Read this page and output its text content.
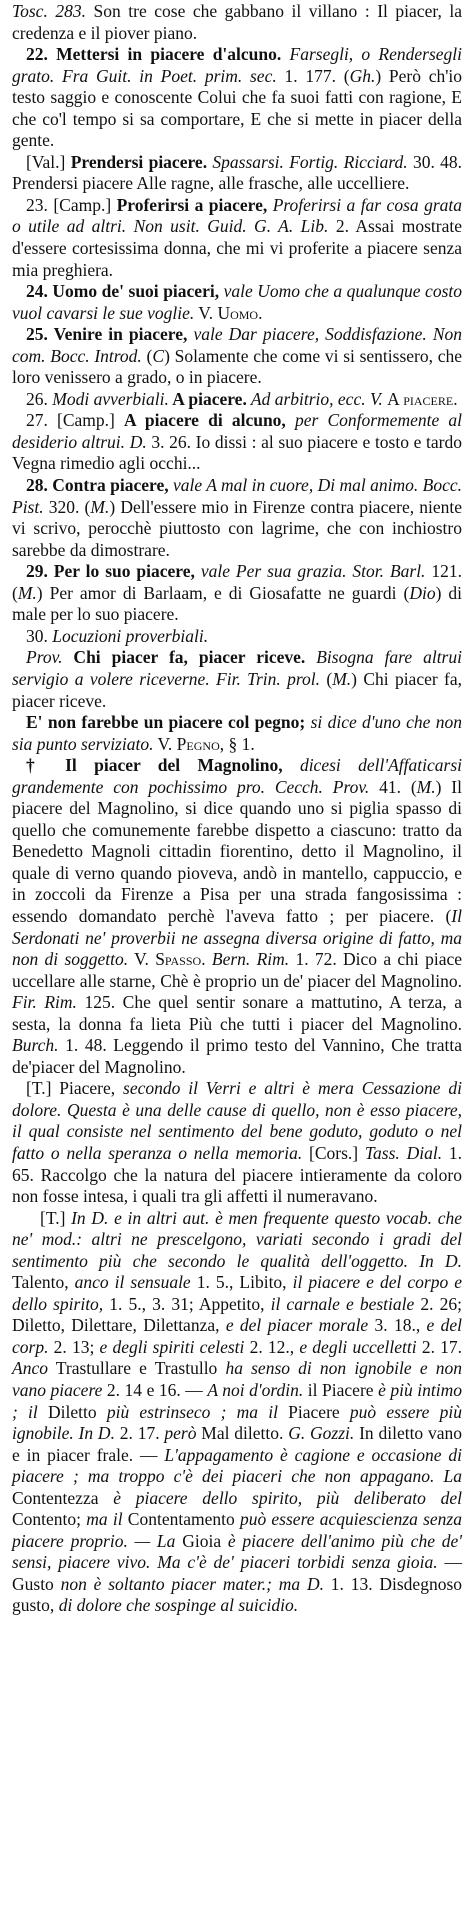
Tosc. 283. Son tre cose che gabbano il villano : Il piacer, la credenza e il piover piano.

22. Mettersi in piacere d'alcuno. Farsegli, o Rendersegli grato. Fra Guit. in Poet. prim. sec. 1. 177. (Gh.) Però ch'io testo saggio e conoscente Colui che fa suoi fatti con ragione, E che co'l tempo si sa comportare, E che si mette in piacer della gente.

[Val.] Prendersi piacere. Spassarsi. Fortig. Ricciard. 30. 48. Prendersi piacere Alle ragne, alle frasche, alle uccelliere.

23. [Camp.] Proferirsi a piacere, Proferirsi a far cosa grata o utile ad altri. Non usit. Guid. G. A. Lib. 2. Assai mostrate d'essere cortesissima donna, che mi vi proferite a piacere senza mia preghiera.

24. Uomo de' suoi piaceri, vale Uomo che a qualunque costo vuol cavarsi le sue voglie. V. Uomo.

25. Venire in piacere, vale Dar piacere, Soddisfazione. Non com. Bocc. Introd. (C) Solamente che come vi si sentissero, che loro venissero a grado, o in piacere.

26. Modi avverbiali. A piacere. Ad arbitrio, ecc. V. A piacere.

27. [Camp.] A piacere di alcuno, per Conformemente al desiderio altrui. D. 3. 26. Io dissi : al suo piacere e tosto e tardo Vegna rimedio agli occhi...

28. Contra piacere, vale A mal in cuore, Di mal animo. Bocc. Pist. 320. (M.) Dell'essere mio in Firenze contra piacere, niente vi scrivo, perocchè piuttosto con lagrime, che con inchiostro sarebbe da dimostrare.

29. Per lo suo piacere, vale Per sua grazia. Stor. Barl. 121. (M.) Per amor di Barlaam, e di Giosafatte ne guardi (Dio) di male per lo suo piacere.

30. Locuzioni proverbiali.

Prov. Chi piacer fa, piacer riceve. Bisogna fare altrui servigio a volere riceverne. Fir. Trin. prol. (M.) Chi piacer fa, piacer riceve.

E' non farebbe un piacere col pegno; si dice d'uno che non sia punto serviziato. V. Pegno, § 1.

† Il piacer del Magnolino, dicesi dell'Affaticarsi grandemente con pochissimo pro. Cecch. Prov. 41. (M.) Il piacere del Magnolino, si dice quando uno si piglia spasso di quello che comunemente farebbe dispetto a ciascuno: tratto da Benedetto Magnoli cittadin fiorentino, detto il Magnolino, il quale di verno quando pioveva, andò in mantello, cappuccio, e in zoccoli da Firenze a Pisa per una strada fangosissima : essendo domandato perchè l'aveva fatto ; per piacere. (Il Serdonati ne' proverbii ne assegna diversa origine di fatto, ma non di soggetto. V. Spasso. Bern. Rim. 1. 72. Dico a chi piace uccellare alle starne, Chè è proprio un de' piacer del Magnolino. Fir. Rim. 125. Che quel sentir sonare a mattutino, A terza, a sesta, la donna fa lieta Più che tutti i piacer del Magnolino. Burch. 1. 48. Leggendo il primo testo del Vannino, Che tratta de'piacer del Magnolino.

[T.] Piacere, secondo il Verri e altri è mera Cessazione di dolore. Questa è una delle cause di quello, non è esso piacere, il qual consiste nel sentimento del bene goduto, goduto o nel fatto o nella speranza o nella memoria. [Cors.] Tass. Dial. 1. 65. Raccolgo che la natura del piacere intieramente da coloro non fosse intesa, i quali tra gli affetti il numeravano.

[T.] In D. e in altri aut. è men frequente questo vocab. che ne' mod.: altri ne prescelgono, variati secondo i gradi del sentimento più che secondo le qualità dell'oggetto. In D. Talento, anco il sensuale 1. 5., Libito, il piacere e del corpo e dello spirito, 1. 5., 3. 31; Appetito, il carnale e bestiale 2. 26; Diletto, Dilettare, Dilettanza, e del piacer morale 3. 18., e del corp. 2. 13; e degli spiriti celesti 2. 12., e degli uccelletti 2. 17. Anco Trastullare e Trastullo ha senso di non ignobile e non vano piacere 2. 14 e 16. — A noi d'ordin. il Piacere è più intimo ; il Diletto più estrinseco ; ma il Piacere può essere più ignobile. In D. 2. 17. però Mal diletto. G. Gozzi. In diletto vano e in piacer frale. — L'appagamento è cagione e occasione di piacere ; ma troppo c'è dei piaceri che non appagano. La Contentezza è piacere dello spirito, più deliberato del Contento; ma il Contentamento può essere acquiescienza senza piacere proprio. — La Gioia è piacere dell'animo più che de' sensi, piacere vivo. Ma c'è de' piaceri torbidi senza gioia. — Gusto non è soltanto piacer mater.; ma D. 1. 13. Disdegnoso gusto, di dolore che sospinge al suicidio.
